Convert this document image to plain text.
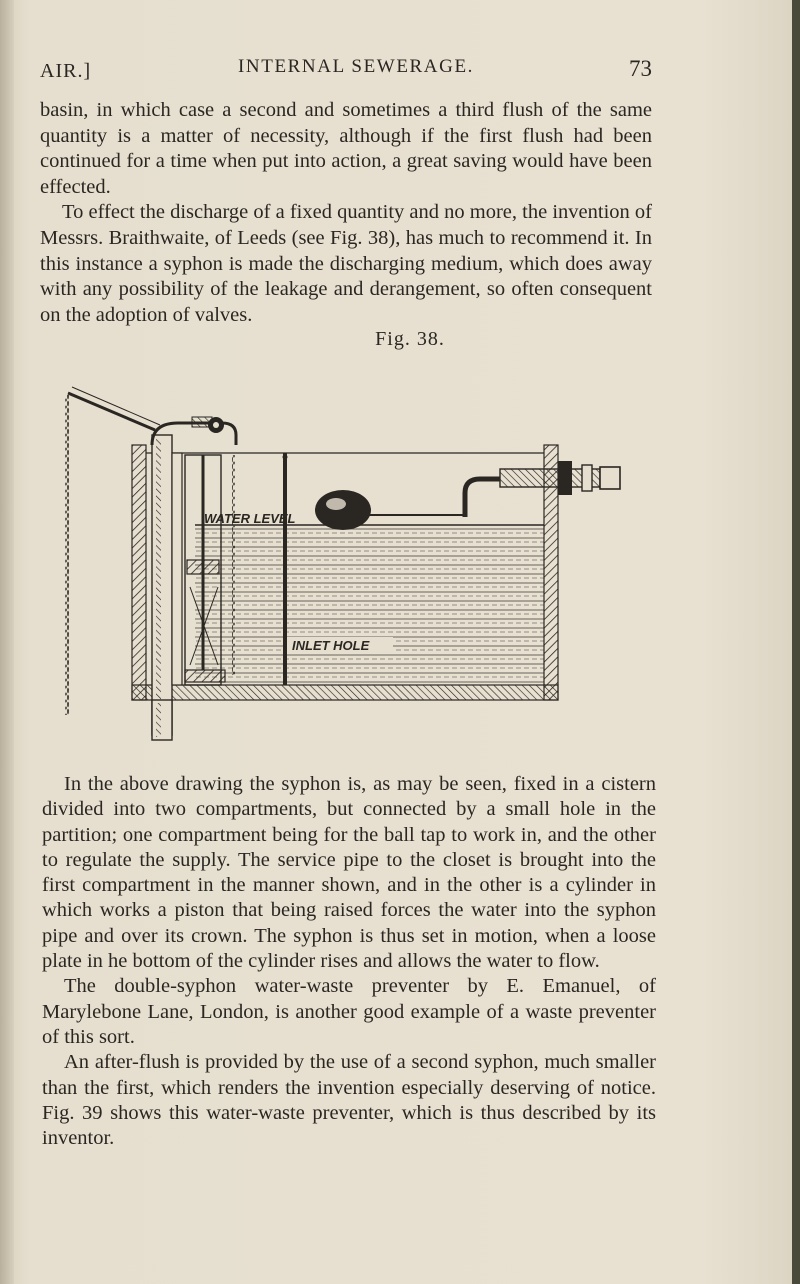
AIR.]	INTERNAL SEWERAGE.	73
basin, in which case a second and sometimes a third flush of the same quantity is a matter of necessity, although if the first flush had been continued for a time when put into action, a great saving would have been effected.
To effect the discharge of a fixed quantity and no more, the invention of Messrs. Braithwaite, of Leeds (see Fig. 38), has much to recommend it. In this instance a syphon is made the discharging medium, which does away with any possibility of the leakage and derangement, so often consequent on the adoption of valves.
Fig. 38.
WATER LEVEL
INLET HOLE
In the above drawing the syphon is, as may be seen, fixed in a cistern divided into two compartments, but connected by a small hole in the partition; one compartment being for the ball tap to work in, and the other to regulate the supply. The service pipe to the closet is brought into the first compartment in the manner shown, and in the other is a cylinder in which works a piston that being raised forces the water into the syphon pipe and over its crown. The syphon is thus set in motion, when a loose plate in he bottom of the cylinder rises and allows the water to flow.
The double-syphon water-waste preventer by E. Emanuel, of Marylebone Lane, London, is another good example of a waste preventer of this sort.
An after-flush is provided by the use of a second syphon, much smaller than the first, which renders the invention especially deserving of notice. Fig. 39 shows this water-waste preventer, which is thus described by its inventor.
